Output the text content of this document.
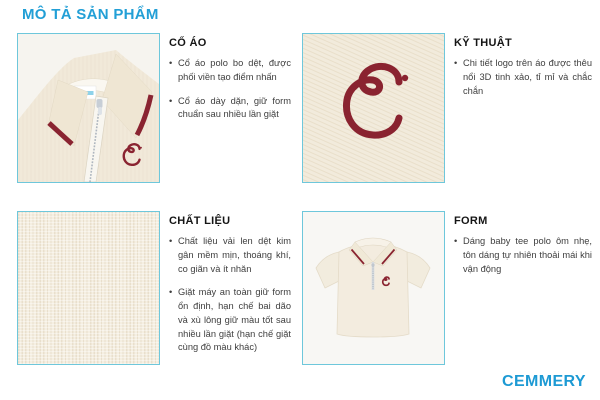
MÔ TẢ SẢN PHẨM
CỔ ÁO
•
Cổ áo polo bo dệt, được phối viền tạo điểm nhấn
•
Cổ áo dày dặn, giữ form chuẩn sau nhiều lần giặt
KỸ THUẬT
•
Chi tiết logo trên áo được thêu nổi 3D tinh xảo, tỉ mỉ và chắc chắn
CHẤT LIỆU
•
Chất liệu vải len dệt kim gân mềm mịn, thoáng khí, co giãn và ít nhăn
•
Giặt máy an toàn giữ form ổn định, hạn chế bai dão và xù lông giữ màu tốt sau nhiều lần giặt (hạn chế giặt cùng đồ màu khác)
FORM
•
Dáng baby tee polo ôm nhẹ, tôn dáng tự nhiên thoải mái khi vận động
CEMMERY
